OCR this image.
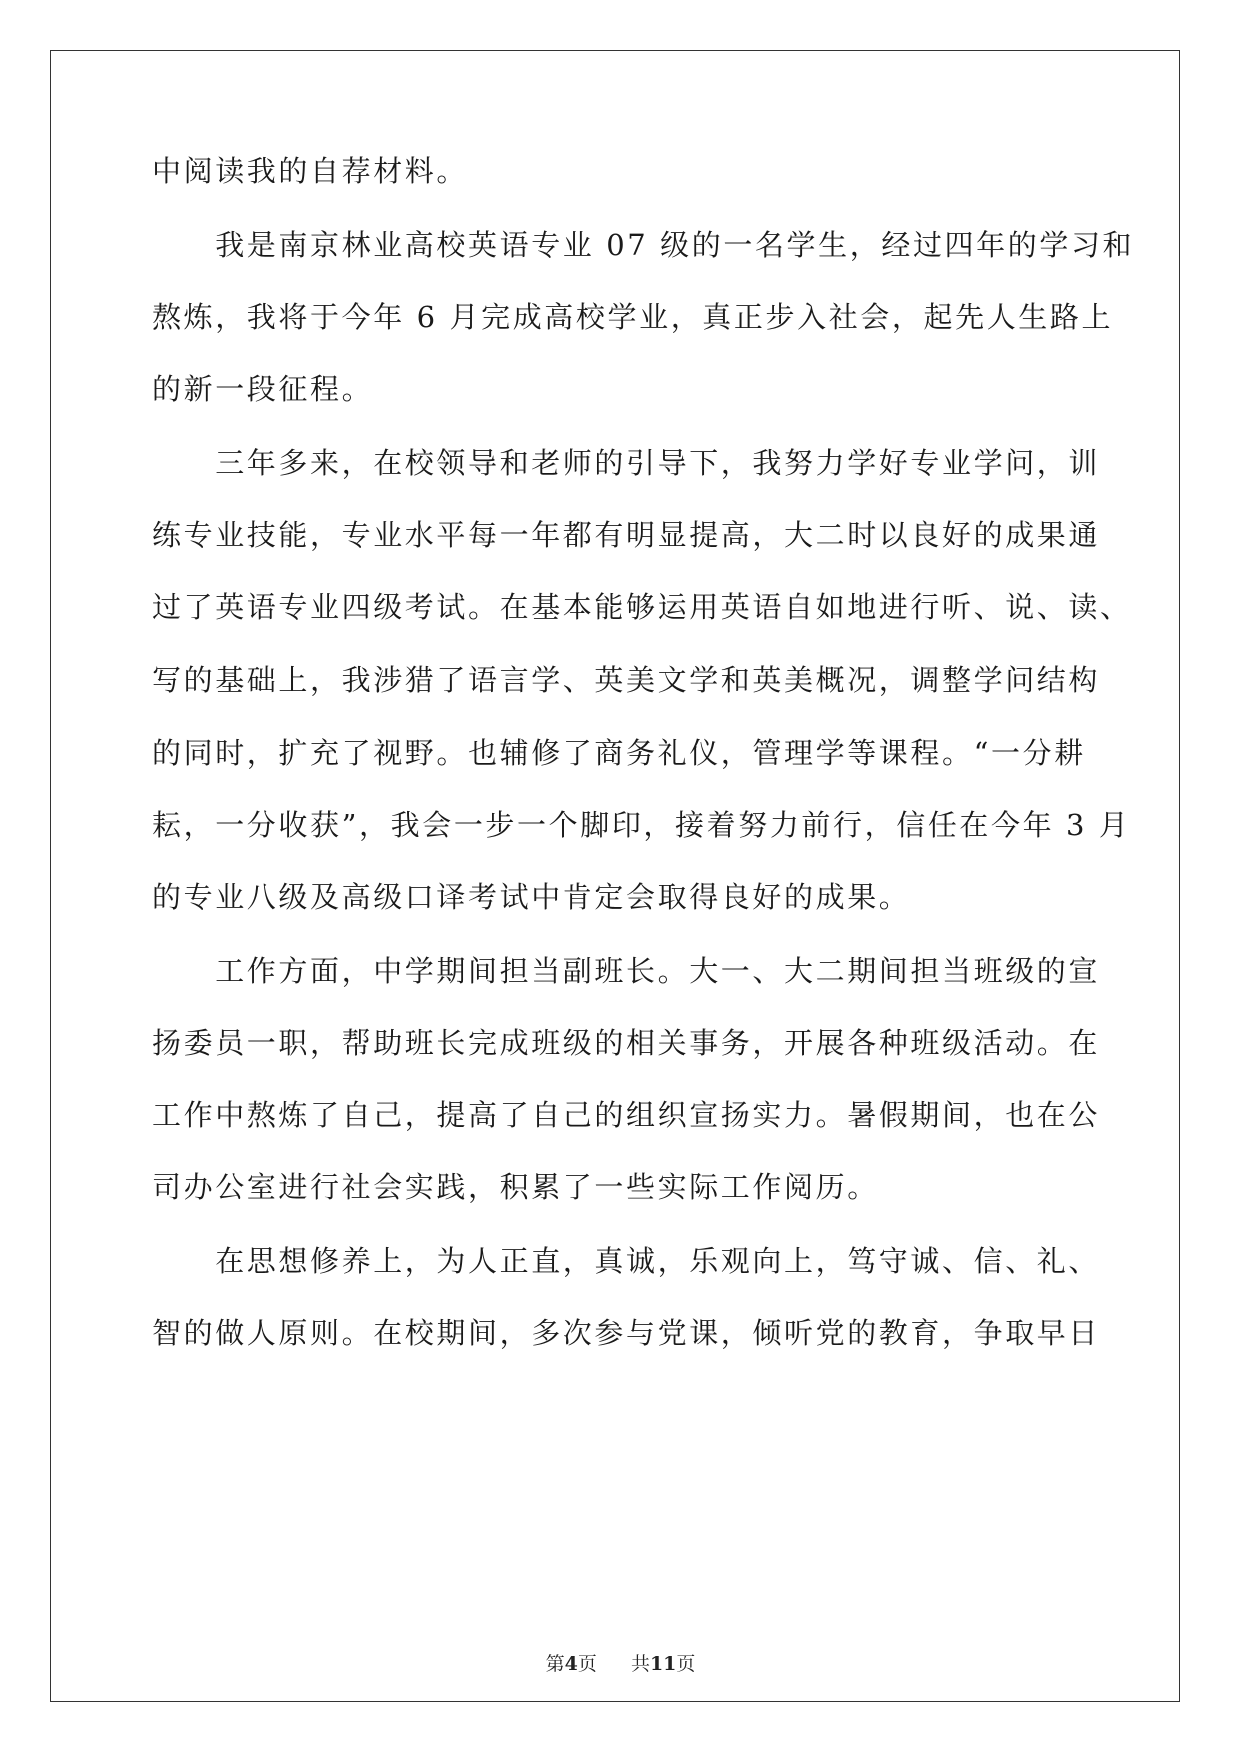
中阅读我的自荐材料。
　　我是南京林业高校英语专业 07 级的一名学生，经过四年的学习和
熬炼，我将于今年 6 月完成高校学业，真正步入社会，起先人生路上
的新一段征程。
　　三年多来，在校领导和老师的引导下，我努力学好专业学问，训
练专业技能，专业水平每一年都有明显提高，大二时以良好的成果通
过了英语专业四级考试。在基本能够运用英语自如地进行听、说、读、
写的基础上，我涉猎了语言学、英美文学和英美概况，调整学问结构
的同时，扩充了视野。也辅修了商务礼仪，管理学等课程。“一分耕
耘，一分收获”，我会一步一个脚印，接着努力前行，信任在今年 3 月
的专业八级及高级口译考试中肯定会取得良好的成果。
　　工作方面，中学期间担当副班长。大一、大二期间担当班级的宣
扬委员一职，帮助班长完成班级的相关事务，开展各种班级活动。在
工作中熬炼了自己，提高了自己的组织宣扬实力。暑假期间，也在公
司办公室进行社会实践，积累了一些实际工作阅历。
　　在思想修养上，为人正直，真诚，乐观向上，笃守诚、信、礼、
智的做人原则。在校期间，多次参与党课，倾听党的教育，争取早日
第4页 共11页
